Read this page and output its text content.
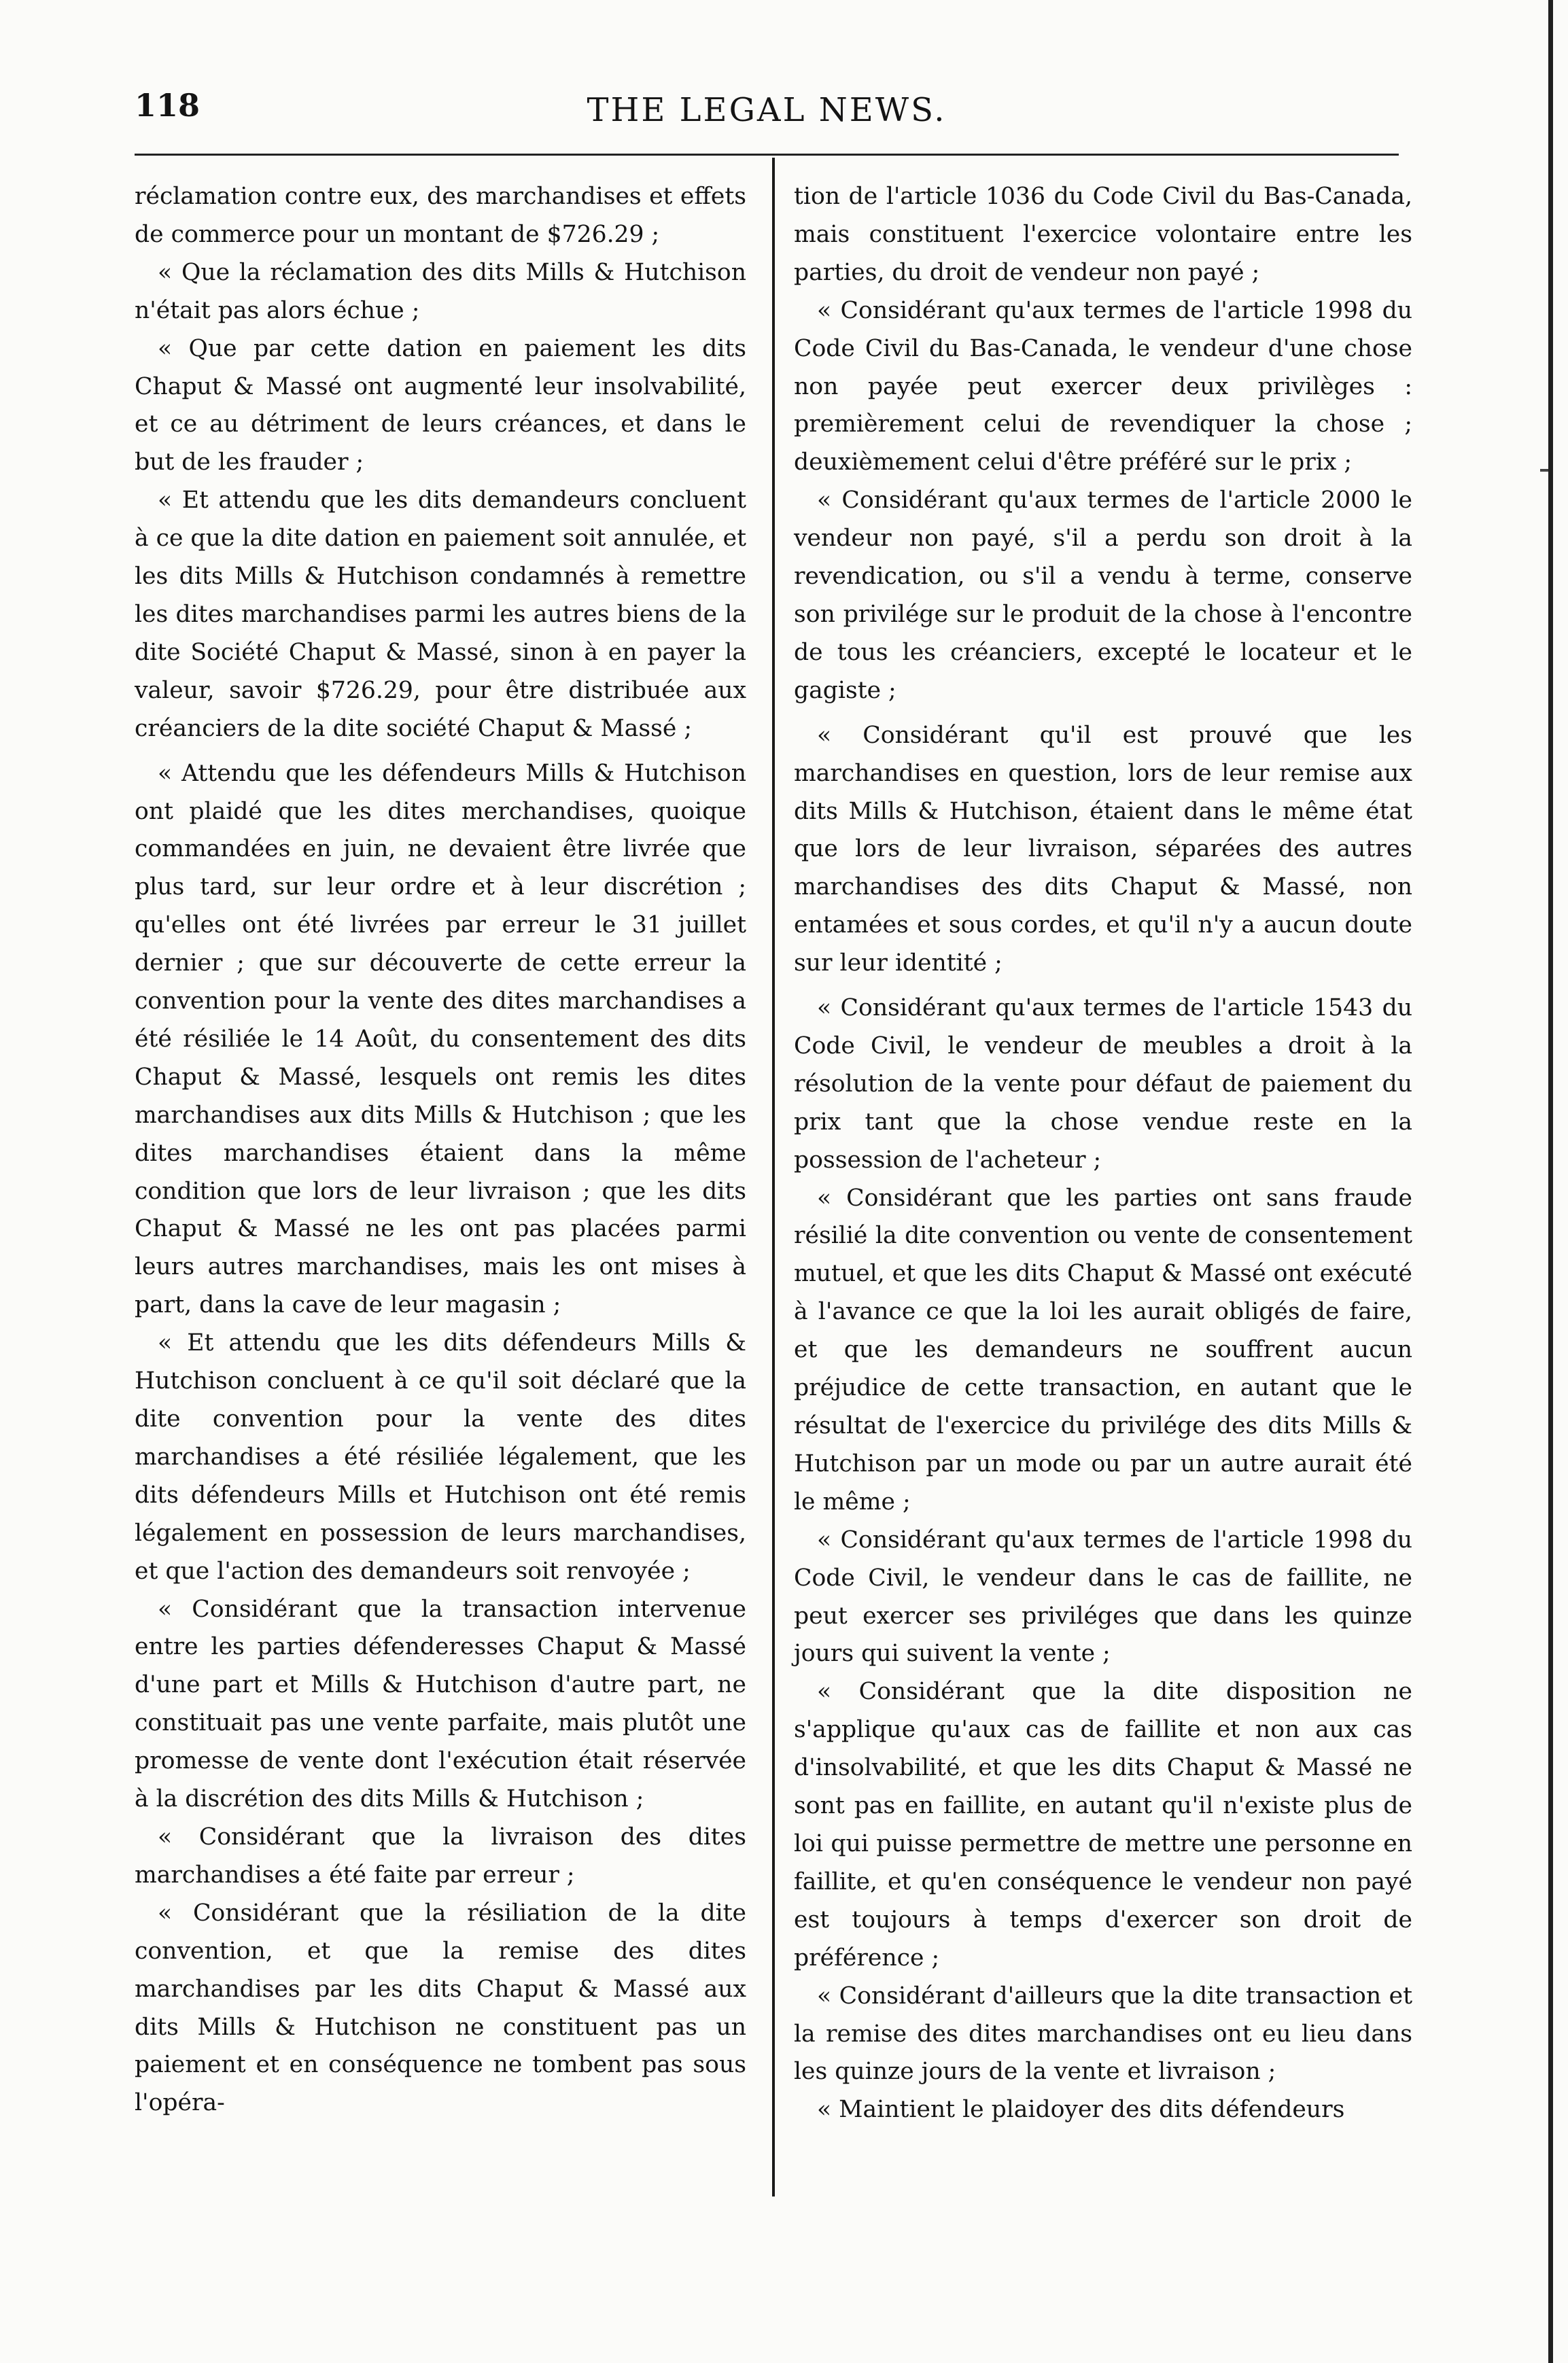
118	THE LEGAL NEWS.

réclamation contre eux, des marchandises et effets de commerce pour un montant de $726.29 ;

« Que la réclamation des dits Mills & Hutchison n'était pas alors échue ;

« Que par cette dation en paiement les dits Chaput & Massé ont augmenté leur insolvabilité, et ce au détriment de leurs créances, et dans le but de les frauder ;

« Et attendu que les dits demandeurs concluent à ce que la dite dation en paiement soit annulée, et les dits Mills & Hutchison condamnés à remettre les dites marchandises parmi les autres biens de la dite Société Chaput & Massé, sinon à en payer la valeur, savoir $726.29, pour être distribuée aux créanciers de la dite société Chaput & Massé ;

« Attendu que les défendeurs Mills & Hutchison ont plaidé que les dites merchandises, quoique commandées en juin, ne devaient être livrée que plus tard, sur leur ordre et à leur discrétion ; qu'elles ont été livrées par erreur le 31 juillet dernier ; que sur découverte de cette erreur la convention pour la vente des dites marchandises a été résiliée le 14 Août, du consentement des dits Chaput & Massé, lesquels ont remis les dites marchandises aux dits Mills & Hutchison ; que les dites marchandises étaient dans la même condition que lors de leur livraison ; que les dits Chaput & Massé ne les ont pas placées parmi leurs autres marchandises, mais les ont mises à part, dans la cave de leur magasin ;

« Et attendu que les dits défendeurs Mills & Hutchison concluent à ce qu'il soit déclaré que la dite convention pour la vente des dites marchandises a été résiliée légalement, que les dits défendeurs Mills et Hutchison ont été remis légalement en possession de leurs marchandises, et que l'action des demandeurs soit renvoyée ;

« Considérant que la transaction intervenue entre les parties défenderesses Chaput & Massé d'une part et Mills & Hutchison d'autre part, ne constituait pas une vente parfaite, mais plutôt une promesse de vente dont l'exécution était réservée à la discrétion des dits Mills & Hutchison ;

« Considérant que la livraison des dites marchandises a été faite par erreur ;

« Considérant que la résiliation de la dite convention, et que la remise des dites marchandises par les dits Chaput & Massé aux dits Mills & Hutchison ne constituent pas un paiement et en conséquence ne tombent pas sous l'opéra-

tion de l'article 1036 du Code Civil du Bas-Canada, mais constituent l'exercice volontaire entre les parties, du droit de vendeur non payé ;

« Considérant qu'aux termes de l'article 1998 du Code Civil du Bas-Canada, le vendeur d'une chose non payée peut exercer deux privilèges : premièrement celui de revendiquer la chose ; deuxièmement celui d'être préféré sur le prix ;

« Considérant qu'aux termes de l'article 2000 le vendeur non payé, s'il a perdu son droit à la revendication, ou s'il a vendu à terme, conserve son privilége sur le produit de la chose à l'encontre de tous les créanciers, excepté le locateur et le gagiste ;

« Considérant qu'il est prouvé que les marchandises en question, lors de leur remise aux dits Mills & Hutchison, étaient dans le même état que lors de leur livraison, séparées des autres marchandises des dits Chaput & Massé, non entamées et sous cordes, et qu'il n'y a aucun doute sur leur identité ;

« Considérant qu'aux termes de l'article 1543 du Code Civil, le vendeur de meubles a droit à la résolution de la vente pour défaut de paiement du prix tant que la chose vendue reste en la possession de l'acheteur ;

« Considérant que les parties ont sans fraude résilié la dite convention ou vente de consentement mutuel, et que les dits Chaput & Massé ont exécuté à l'avance ce que la loi les aurait obligés de faire, et que les demandeurs ne souffrent aucun préjudice de cette transaction, en autant que le résultat de l'exercice du privilége des dits Mills & Hutchison par un mode ou par un autre aurait été le même ;

« Considérant qu'aux termes de l'article 1998 du Code Civil, le vendeur dans le cas de faillite, ne peut exercer ses priviléges que dans les quinze jours qui suivent la vente ;

« Considérant que la dite disposition ne s'applique qu'aux cas de faillite et non aux cas d'insolvabilité, et que les dits Chaput & Massé ne sont pas en faillite, en autant qu'il n'existe plus de loi qui puisse permettre de mettre une personne en faillite, et qu'en conséquence le vendeur non payé est toujours à temps d'exercer son droit de préférence ;

« Considérant d'ailleurs que la dite transaction et la remise des dites marchandises ont eu lieu dans les quinze jours de la vente et livraison ;

« Maintient le plaidoyer des dits défendeurs
